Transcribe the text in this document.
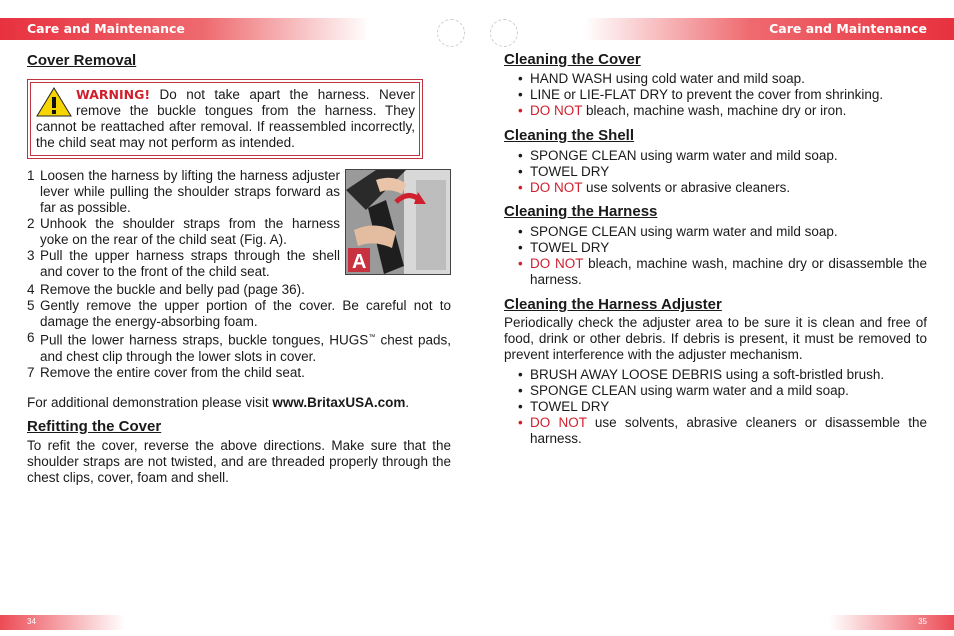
Care and Maintenance	Care and Maintenance
Cover Removal
WARNING! Do not take apart the harness. Never remove the buckle tongues from the harness. They cannot be reattached after removal. If reassembled incorrectly, the child seat may not perform as intended.
1 Loosen the harness by lifting the harness adjuster lever while pulling the shoulder straps forward as far as possible.
2 Unhook the shoulder straps from the harness yoke on the rear of the child seat (Fig. A).
3 Pull the upper harness straps through the shell and cover to the front of the child seat.
4 Remove the buckle and belly pad (page 36).
5 Gently remove the upper portion of the cover. Be careful not to damage the energy-absorbing foam.
6 Pull the lower harness straps, buckle tongues, HUGS™ chest pads, and chest clip through the lower slots in cover.
7 Remove the entire cover from the child seat.
A

For additional demonstration please visit www.BritaxUSA.com.

Refitting the Cover

To refit the cover, reverse the above directions. Make sure that the shoulder straps are not twisted, and are threaded properly through the chest clips, cover, foam and shell.

Cleaning the Cover
• HAND WASH using cold water and mild soap.
• LINE or LIE-FLAT DRY to prevent the cover from shrinking.
• DO NOT bleach, machine wash, machine dry or iron.
Cleaning the Shell
• SPONGE CLEAN using warm water and mild soap.
• TOWEL DRY
• DO NOT use solvents or abrasive cleaners.
Cleaning the Harness
• SPONGE CLEAN using warm water and mild soap.
• TOWEL DRY
• DO NOT bleach, machine wash, machine dry or disassemble the harness.
Cleaning the Harness Adjuster

Periodically check the adjuster area to be sure it is clean and free of food, drink or other debris. If debris is present, it must be removed to prevent interference with the adjuster mechanism.

• BRUSH AWAY LOOSE DEBRIS using a soft-bristled brush.
• SPONGE CLEAN using warm water and a mild soap.
• TOWEL DRY
• DO NOT use solvents, abrasive cleaners or disassemble the harness.
34	35
